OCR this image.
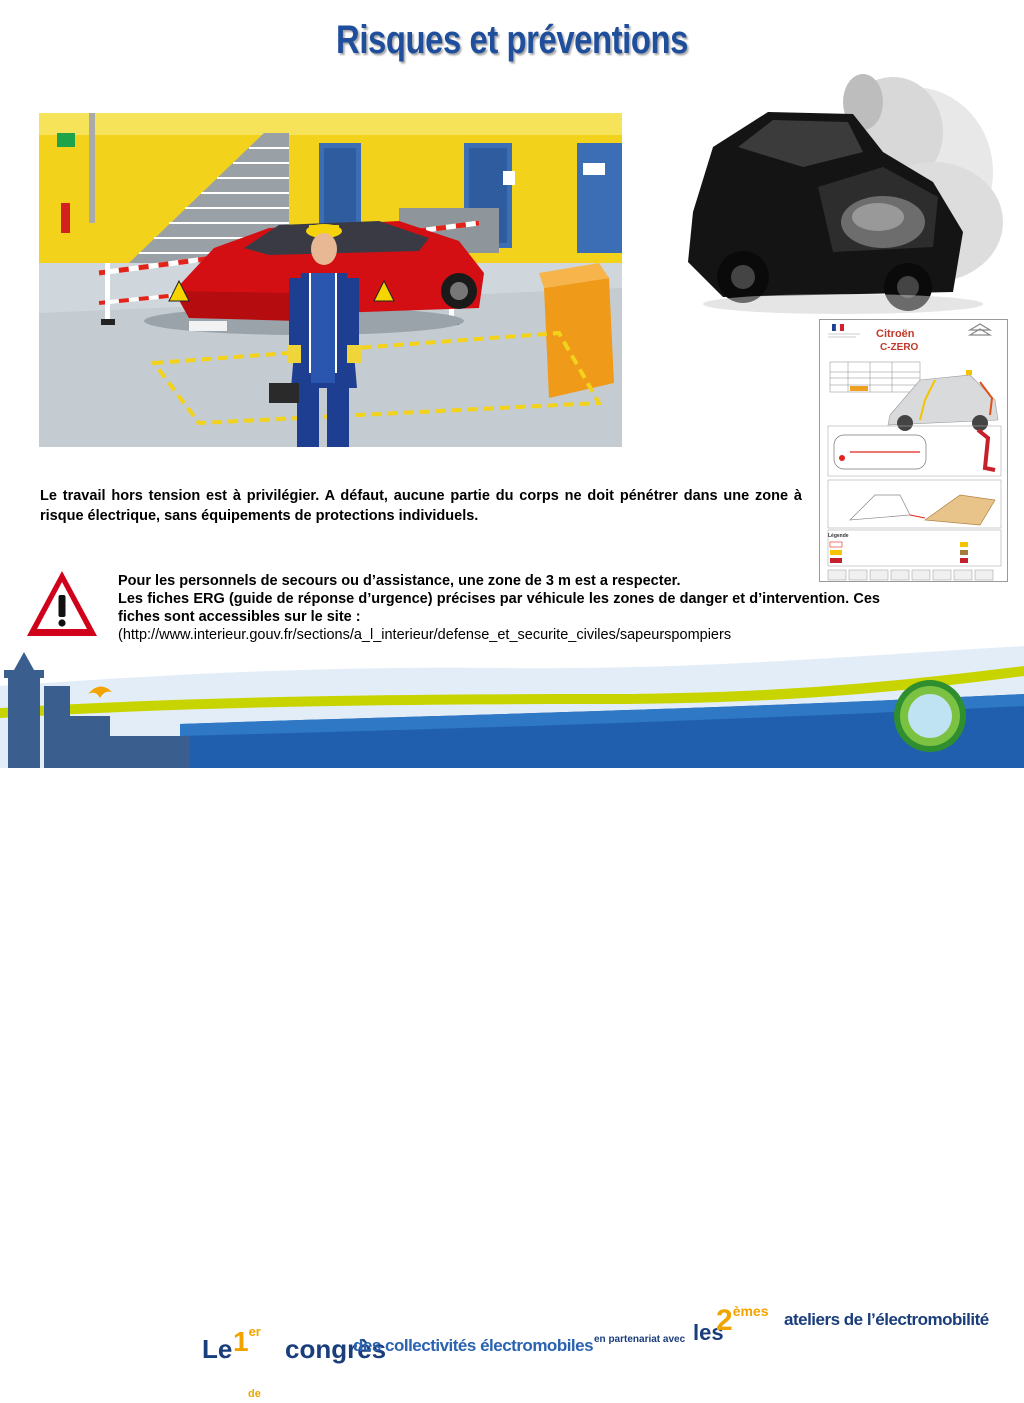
Risques et préventions
Citroën
C-ZERO
Légende
Le travail hors tension est à privilégier. A défaut, aucune partie du corps ne doit pénétrer dans une zone à risque électrique, sans équipements de protections individuels.
Pour les personnels de secours ou d’assistance, une zone de 3 m est a respecter.
Les fiches ERG (guide de réponse d’urgence) précises par véhicule les zones de danger et d’intervention. Ces fiches sont accessibles sur le site :
(http://www.interieur.gouv.fr/sections/a_l_interieur/defense_et_securite_civiles/sapeurspompiers
Le 1er
congrès
des collectivités électromobiles en partenariat avec les
2èmes ateliers de l’électromobilité
de La Rochelle
